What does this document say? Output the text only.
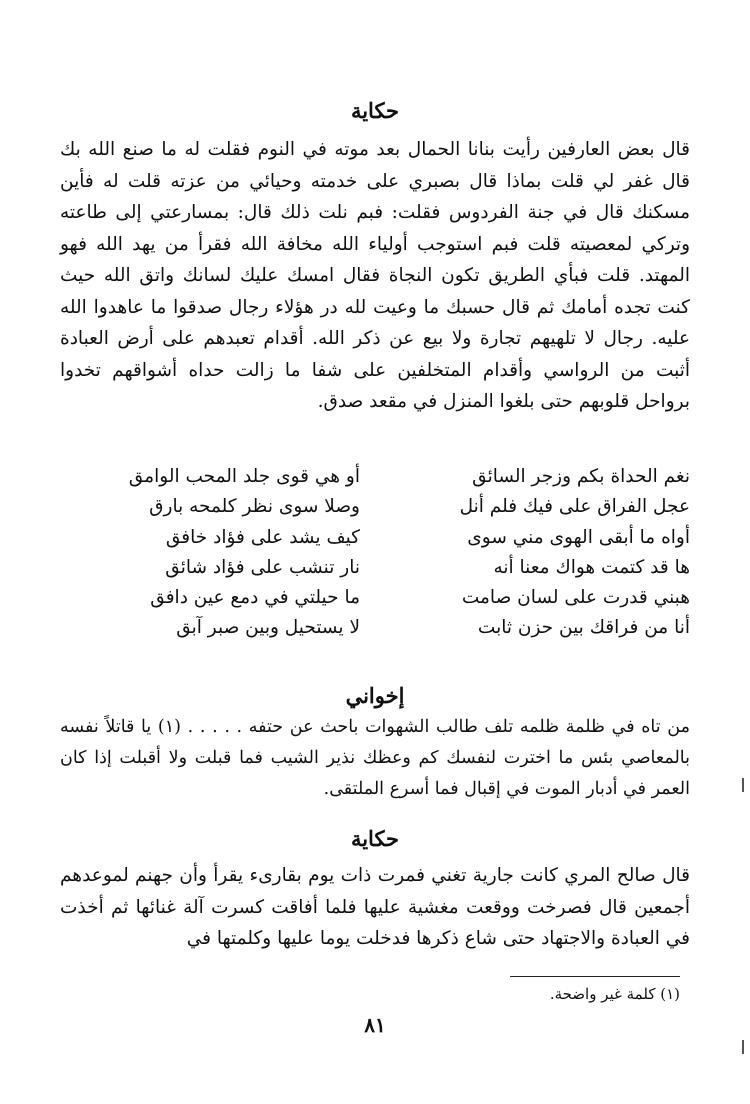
حكاية

قال بعض العارفين رأيت بنانا الحمال بعد موته في النوم فقلت له ما صنع الله بك قال غفر لي قلت بماذا قال بصبري على خدمته وحيائي من عزته قلت له فأين مسكنك قال في جنة الفردوس فقلت: فبم نلت ذلك قال: بمسارعتي إلى طاعته وتركي لمعصيته قلت فبم استوجب أولياء الله مخافة الله فقرأ من يهد الله فهو المهتد. قلت فبأي الطريق تكون النجاة فقال امسك عليك لسانك واتق الله حيث كنت تجده أمامك ثم قال حسبك ما وعيت لله در هؤلاء رجال صدقوا ما عاهدوا الله عليه. رجال لا تلهيهم تجارة ولا بيع عن ذكر الله. أقدام تعبدهم على أرض العبادة أثبت من الرواسي وأقدام المتخلفين على شفا ما زالت حداه أشواقهم تخدوا برواحل قلوبهم حتى بلغوا المنزل في مقعد صدق.

نغم الحداة بكم وزجر السائق
أو هي قوى جلد المحب الوامق
عجل الفراق على فيك فلم أنل
وصلا سوى نظر كلمحه بارق
أواه ما أبقى الهوى مني سوى
كيف يشد على فؤاد خافق
ها قد كتمت هواك معنا أنه
نار تنشب على فؤاد شائق
هبني قدرت على لسان صامت
ما حيلتي في دمع عين دافق
أنا من فراقك بين حزن ثابت
لا يستحيل وبين صبر آبق
إخواني

من تاه في ظلمة ظلمه تلف طالب الشهوات باحث عن حتفه . . . . . (١) يا قاتلاً نفسه بالمعاصي بئس ما اخترت لنفسك كم وعظك نذير الشيب فما قبلت ولا أقبلت إذا كان العمر في أدبار الموت في إقبال فما أسرع الملتقى.

حكاية

قال صالح المري كانت جارية تغني فمرت ذات يوم بقارىء يقرأ وأن جهنم لموعدهم أجمعين قال فصرخت ووقعت مغشية عليها فلما أفاقت كسرت آلة غنائها ثم أخذت في العبادة والاجتهاد حتى شاع ذكرها فدخلت يوما عليها وكلمتها في

(١) كلمة غير واضحة.

٨١
